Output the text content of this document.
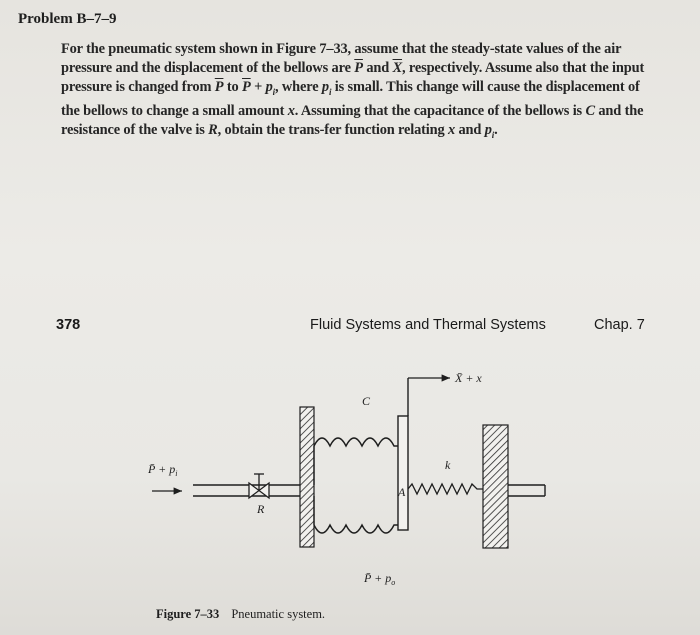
Problem B–7–9

For the pneumatic system shown in Figure 7–33, assume that the steady-state values of the air pressure and the displacement of the bellows are $\overline{P}$ and $\overline{X}$, respectively. Assume also that the input pressure is changed from $\overline{P}$ to $\overline{P} + p_i$, where $p_i$ is small. This change will cause the displacement of the bellows to change a small amount x. Assuming that the capacitance of the bellows is C and the resistance of the valve is R, obtain the trans-fer function relating x and $p_i$.

378	Fluid Systems and Thermal Systems	Chap. 7
X̄ + x
C
k
A
P̄ + $p_i$
R
P̄ + $p_o$
Figure 7–33 Pneumatic system.
